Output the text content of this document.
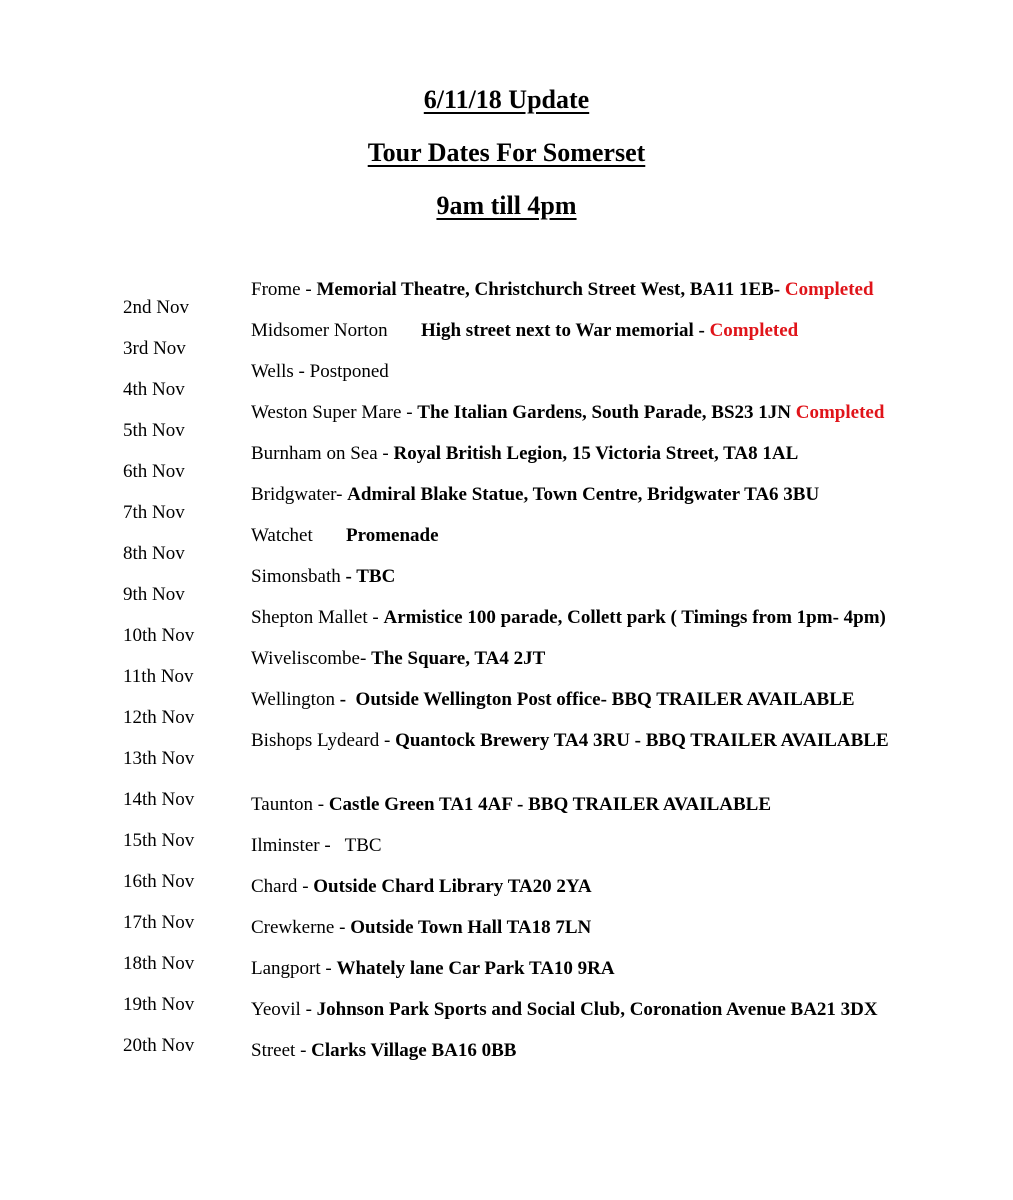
6/11/18 Update
Tour Dates For Somerset
9am till 4pm
2nd Nov
3rd Nov
4th Nov
5th Nov
6th Nov
7th Nov
8th Nov
9th Nov
10th Nov
11th Nov
12th Nov
13th Nov
14th Nov
15th Nov
16th Nov
17th Nov
18th Nov
19th Nov
20th Nov
Frome - Memorial Theatre, Christchurch Street West, BA11 1EB- Completed
Midsomer Norton High street next to War memorial - Completed
Wells - Postponed
Weston Super Mare - The Italian Gardens, South Parade, BS23 1JN Completed
Burnham on Sea - Royal British Legion, 15 Victoria Street, TA8 1AL
Bridgwater- Admiral Blake Statue, Town Centre, Bridgwater TA6 3BU
Watchet Promenade
Simonsbath - TBC
Shepton Mallet - Armistice 100 parade, Collett park ( Timings from 1pm- 4pm)
Wiveliscombe- The Square, TA4 2JT
Wellington -  Outside Wellington Post office- BBQ TRAILER AVAILABLE
Bishops Lydeard - Quantock Brewery TA4 3RU - BBQ TRAILER AVAILABLE
Taunton - Castle Green TA1 4AF - BBQ TRAILER AVAILABLE
Ilminster -   TBC
Chard - Outside Chard Library TA20 2YA
Crewkerne - Outside Town Hall TA18 7LN
Langport - Whately lane Car Park TA10 9RA
Yeovil - Johnson Park Sports and Social Club, Coronation Avenue BA21 3DX
Street - Clarks Village BA16 0BB
